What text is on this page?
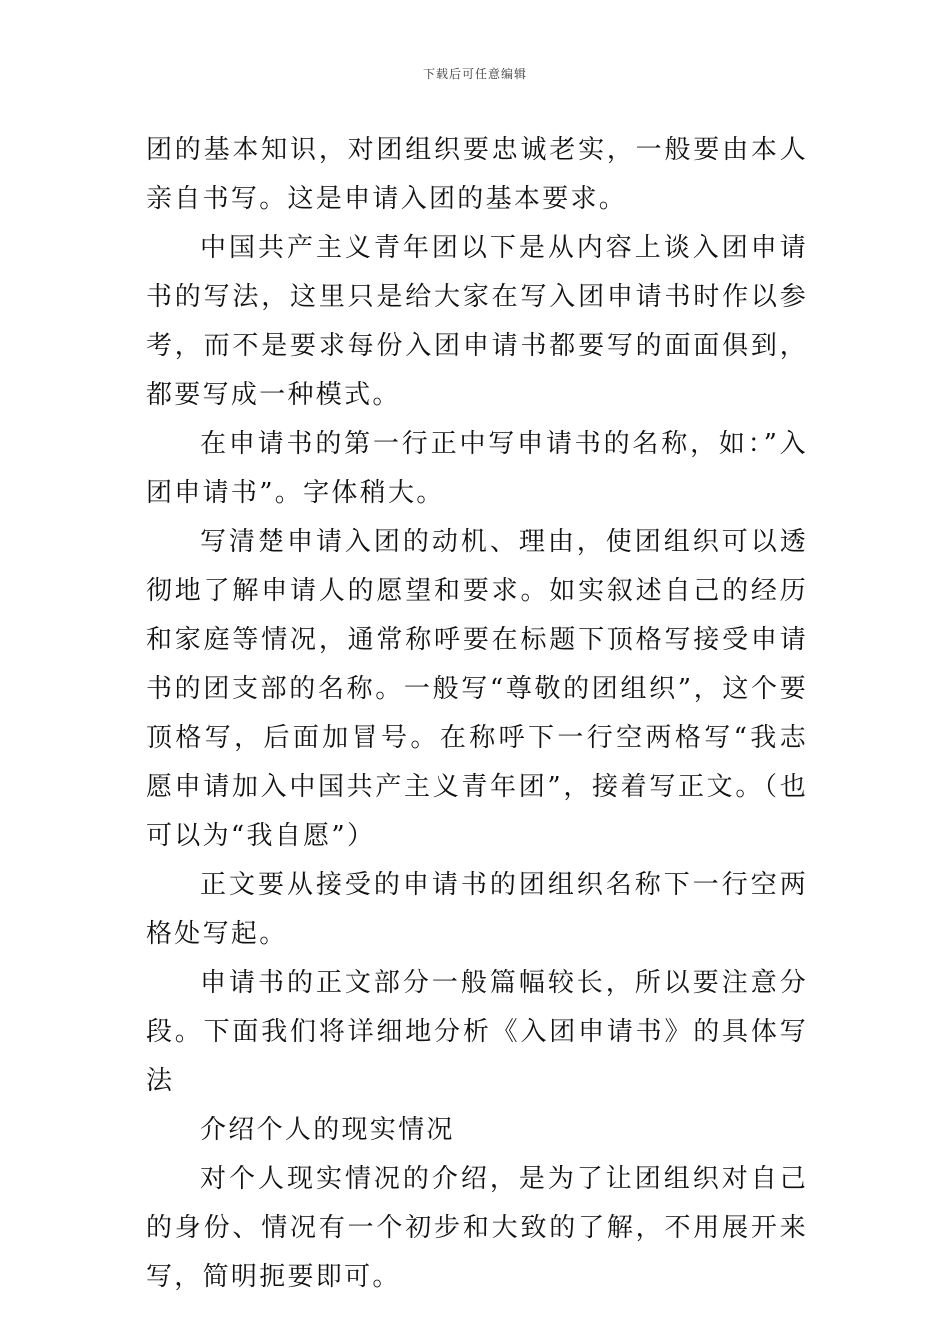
下载后可任意编辑

团的基本知识，对团组织要忠诚老实，一般要由本人亲自书写。这是申请入团的基本要求。

中国共产主义青年团以下是从内容上谈入团申请书的写法，这里只是给大家在写入团申请书时作以参考，而不是要求每份入团申请书都要写的面面俱到，都要写成一种模式。

在申请书的第一行正中写申请书的名称，如：”入团申请书”。字体稍大。

写清楚申请入团的动机、理由，使团组织可以透彻地了解申请人的愿望和要求。如实叙述自己的经历和家庭等情况，通常称呼要在标题下顶格写接受申请书的团支部的名称。一般写“尊敬的团组织”，这个要顶格写，后面加冒号。在称呼下一行空两格写“我志愿申请加入中国共产主义青年团”，接着写正文。（也可以为“我自愿”）

正文要从接受的申请书的团组织名称下一行空两格处写起。

申请书的正文部分一般篇幅较长，所以要注意分段。下面我们将详细地分析《入团申请书》的具体写法

介绍个人的现实情况

对个人现实情况的介绍，是为了让团组织对自己的身份、情况有一个初步和大致的了解，不用展开来写，简明扼要即可。
